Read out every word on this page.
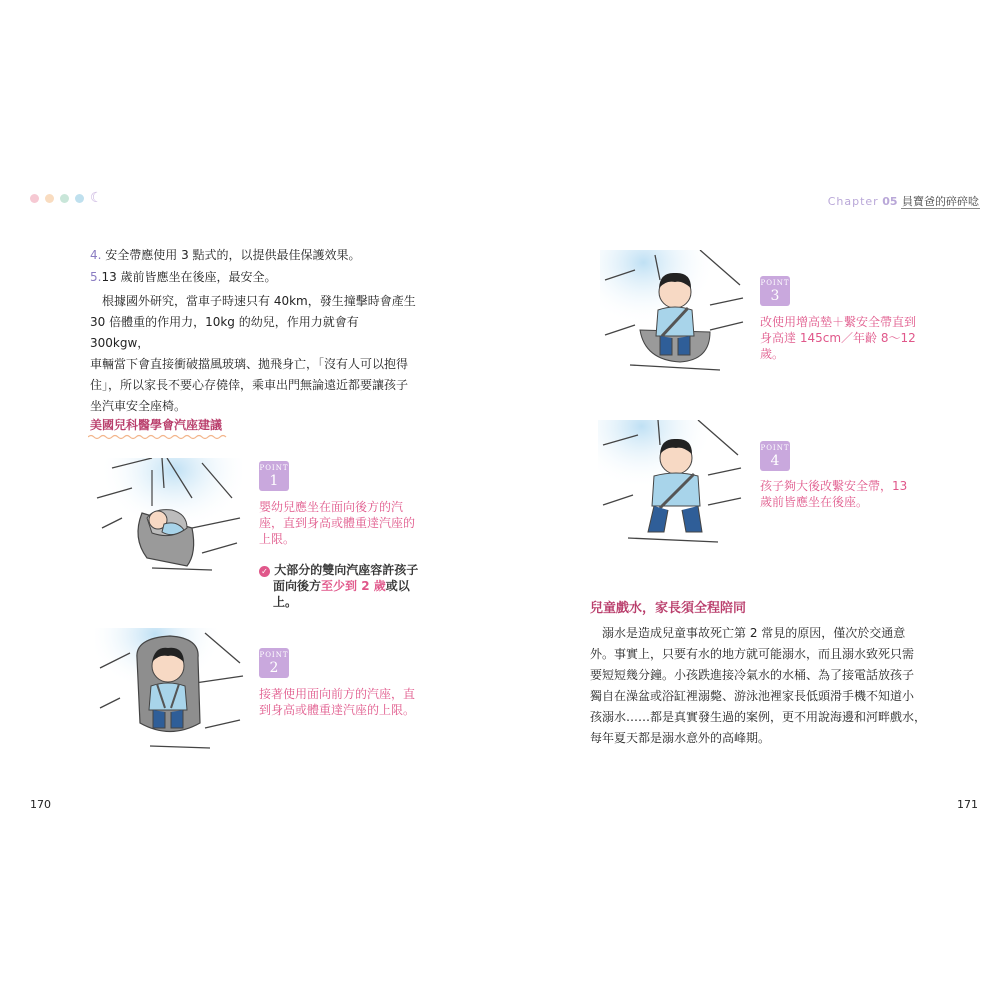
☾	Chapter 05 員寶爸的碎碎唸
4. 安全帶應使用 3 點式的，以提供最佳保護效果。
5.13 歲前皆應坐在後座，最安全。
　根據國外研究，當車子時速只有 40km，發生撞擊時會產生
30 倍體重的作用力，10kg 的幼兒，作用力就會有 300kgw，
車輛當下會直接衝破擋風玻璃、拋飛身亡，「沒有人可以抱得
住」，所以家長不要心存僥倖，乘車出門無論遠近都要讓孩子
坐汽車安全座椅。
美國兒科醫學會汽座建議
POINT
1
嬰幼兒應坐在面向後方的汽
座，直到身高或體重達汽座的
上限。
✓ 大部分的雙向汽座容許孩子
面向後方至少到 2 歲或以
上。
POINT
2
接著使用面向前方的汽座，直
到身高或體重達汽座的上限。
170
POINT
3
改使用增高墊＋繫安全帶直到
身高達 145cm／年齡 8～12
歲。
POINT
4
孩子夠大後改繫安全帶，13
歲前皆應坐在後座。
兒童戲水，家長須全程陪同
　溺水是造成兒童事故死亡第 2 常見的原因，僅次於交通意
外。事實上，只要有水的地方就可能溺水，而且溺水致死只需
要短短幾分鐘。小孩跌進接冷氣水的水桶、為了接電話放孩子
獨自在澡盆或浴缸裡溺斃、游泳池裡家長低頭滑手機不知道小
孩溺水……都是真實發生過的案例，更不用說海邊和河畔戲水，
每年夏天都是溺水意外的高峰期。
171
